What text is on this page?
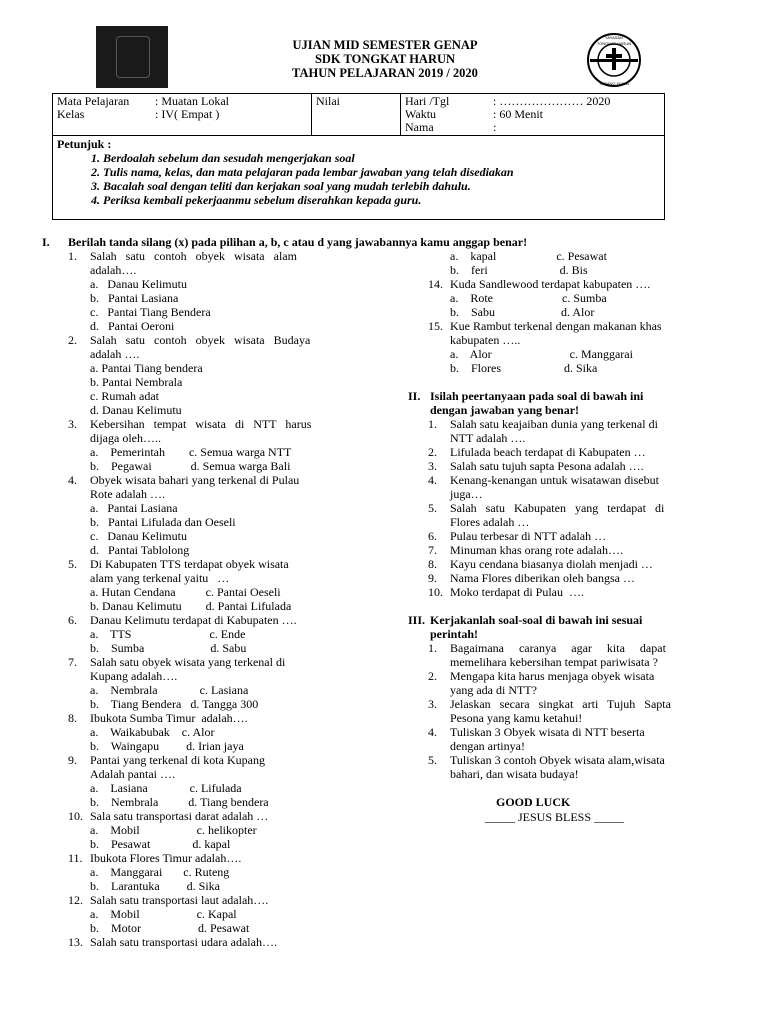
YAYASAN
TERANG DUNIA
TONGKAT HARUN
UJIAN MID SEMESTER GENAP
SDK TONGKAT HARUN
TAHUN PELAJARAN 2019 / 2020
Mata Pelajaran : Muatan Lokal
Kelas	: IV( Empat )
	Nilai	Hari /Tgl	: ………………… 2020
Waktu	: 60 Menit
Nama	:
Petunjuk :
1. Berdoalah sebelum dan sesudah mengerjakan soal
2. Tulis nama, kelas, dan mata pelajaran pada lembar jawaban yang telah disediakan
3. Bacalah soal dengan teliti dan kerjakan soal yang mudah terlebih dahulu.
4. Periksa kembali pekerjaanmu sebelum diserahkan kepada guru.
I. Berilah tanda silang (x) pada pilihan a, b, c atau d yang jawabannya kamu anggap benar!
1. Salah   satu   contoh   obyek   wisata   alam
adalah….
a.   Danau Kelimutu
b.   Pantai Lasiana
c.   Pantai Tiang Bendera
d.   Pantai Oeroni
2. Salah   satu   contoh   obyek   wisata   Budaya
adalah ….
a. Pantai Tiang bendera
b. Pantai Nembrala
c. Rumah adat
d. Danau Kelimutu
3. Kebersihan   tempat   wisata   di   NTT   harus
dijaga oleh…..
a.    Pemerintah        c. Semua warga NTT
b.    Pegawai             d. Semua warga Bali
4. Obyek wisata bahari yang terkenal di Pulau
Rote adalah ….
a.   Pantai Lasiana
b.   Pantai Lifulada dan Oeseli
c.   Danau Kelimutu
d.   Pantai Tablolong
5. Di Kabupaten TTS terdapat obyek wisata
alam yang terkenal yaitu   …
a. Hutan Cendana          c. Pantai Oeseli
b. Danau Kelimutu        d. Pantai Lifulada
6. Danau Kelimutu terdapat di Kabupaten ….
a.    TTS                          c. Ende
b.    Sumba                      d. Sabu
7. Salah satu obyek wisata yang terkenal di
Kupang adalah….
a.    Nembrala              c. Lasiana
b.    Tiang Bendera   d. Tangga 300
8. Ibukota Sumba Timur  adalah….
a.    Waikabubak    c. Alor
b.    Waingapu         d. Irian jaya
9. Pantai yang terkenal di kota Kupang
Adalah pantai ….
a.    Lasiana              c. Lifulada
b.    Nembrala          d. Tiang bendera
10. Sala satu transportasi darat adalah …
a.    Mobil                   c. helikopter
b.    Pesawat              d. kapal
11. Ibukota Flores Timur adalah….
a.    Manggarai       c. Ruteng
b.    Larantuka         d. Sika
12. Salah satu transportasi laut adalah….
a.    Mobil                   c. Kapal
b.    Motor                   d. Pesawat
13. Salah satu transportasi udara adalah….
a.    kapal                    c. Pesawat
b.    feri                        d. Bis
14. Kuda Sandlewood terdapat kabupaten ….
a.    Rote                       c. Sumba
b.    Sabu                      d. Alor
15. Kue Rambut terkenal dengan makanan khas
kabupaten …..
a.    Alor                          c. Manggarai
b.    Flores                     d. Sika
II. Isilah peertanyaan pada soal di bawah ini
dengan jawaban yang benar!
1. Salah satu keajaiban dunia yang terkenal di
NTT adalah ….
2. Lifulada beach terdapat di Kabupaten …
3. Salah satu tujuh sapta Pesona adalah ….
4. Kenang-kenangan untuk wisatawan disebut
juga…
5. Salah   satu   Kabupaten   yang   terdapat   di
Flores adalah …
6. Pulau terbesar di NTT adalah …
7. Minuman khas orang rote adalah….
8. Kayu cendana biasanya diolah menjadi …
9. Nama Flores diberikan oleh bangsa …
10. Moko terdapat di Pulau  ….
III. Kerjakanlah soal-soal di bawah ini sesuai
perintah!
1. Bagaimana     caranya     agar     kita     dapat
memelihara kebersihan tempat pariwisata ?
2. Mengapa kita harus menjaga obyek wisata
yang ada di NTT?
3. Jelaskan   secara   singkat   arti   Tujuh   Sapta
Pesona yang kamu ketahui!
4. Tuliskan 3 Obyek wisata di NTT beserta
dengan artinya!
5. Tuliskan 3 contoh Obyek wisata alam,wisata
bahari, dan wisata budaya!
GOOD LUCK
_____ JESUS BLESS _____
